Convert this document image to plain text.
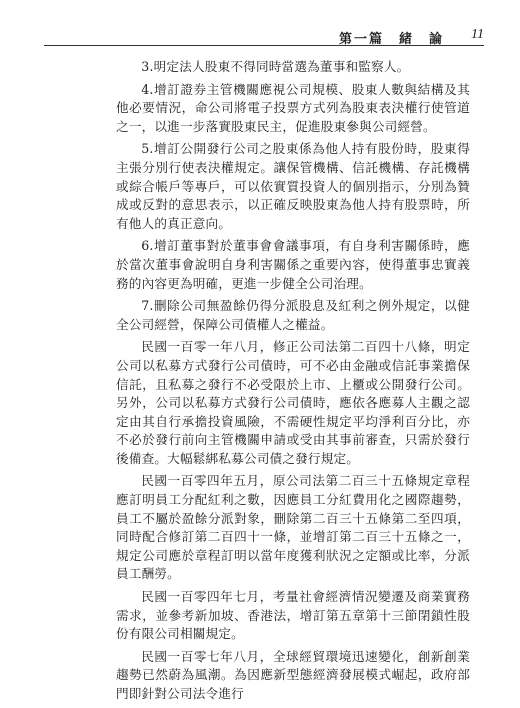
第一篇　緒　論 11

3.明定法人股東不得同時當選為董事和監察人。

4.增訂證券主管機關應視公司規模、股東人數與結構及其他必要情況，命公司將電子投票方式列為股東表決權行使管道之一，以進一步落實股東民主，促進股東參與公司經營。

5.增訂公開發行公司之股東係為他人持有股份時，股東得主張分別行使表決權規定。讓保管機構、信託機構、存託機構或綜合帳戶等專戶，可以依實質投資人的個別指示，分別為贊成或反對的意思表示，以正確反映股東為他人持有股票時，所有他人的真正意向。

6.增訂董事對於董事會會議事項，有自身利害關係時，應於當次董事會說明自身利害關係之重要內容，使得董事忠實義務的內容更為明確，更進一步健全公司治理。

7.刪除公司無盈餘仍得分派股息及紅利之例外規定，以健全公司經營，保障公司債權人之權益。

民國一百零一年八月，修正公司法第二百四十八條，明定公司以私募方式發行公司債時，可不必由金融或信託事業擔保信託，且私募之發行不必受限於上市、上櫃或公開發行公司。另外，公司以私募方式發行公司債時，應依各應募人主觀之認定由其自行承擔投資風險，不需硬性規定平均淨利百分比，亦不必於發行前向主管機關申請或受由其事前審查，只需於發行後備查。大幅鬆綁私募公司債之發行規定。

民國一百零四年五月，原公司法第二百三十五條規定章程應訂明員工分配紅利之數，因應員工分紅費用化之國際趨勢，員工不屬於盈餘分派對象，刪除第二百三十五條第二至四項，同時配合修訂第二百四十一條，並增訂第二百三十五條之一，規定公司應於章程訂明以當年度獲利狀況之定額或比率，分派員工酬勞。

民國一百零四年七月，考量社會經濟情況變遷及商業實務需求，並參考新加坡、香港法，增訂第五章第十三節閉鎖性股份有限公司相關規定。

民國一百零七年八月，全球經貿環境迅速變化，創新創業趨勢已然蔚為風潮。為因應新型態經濟發展模式崛起，政府部門即針對公司法令進行
